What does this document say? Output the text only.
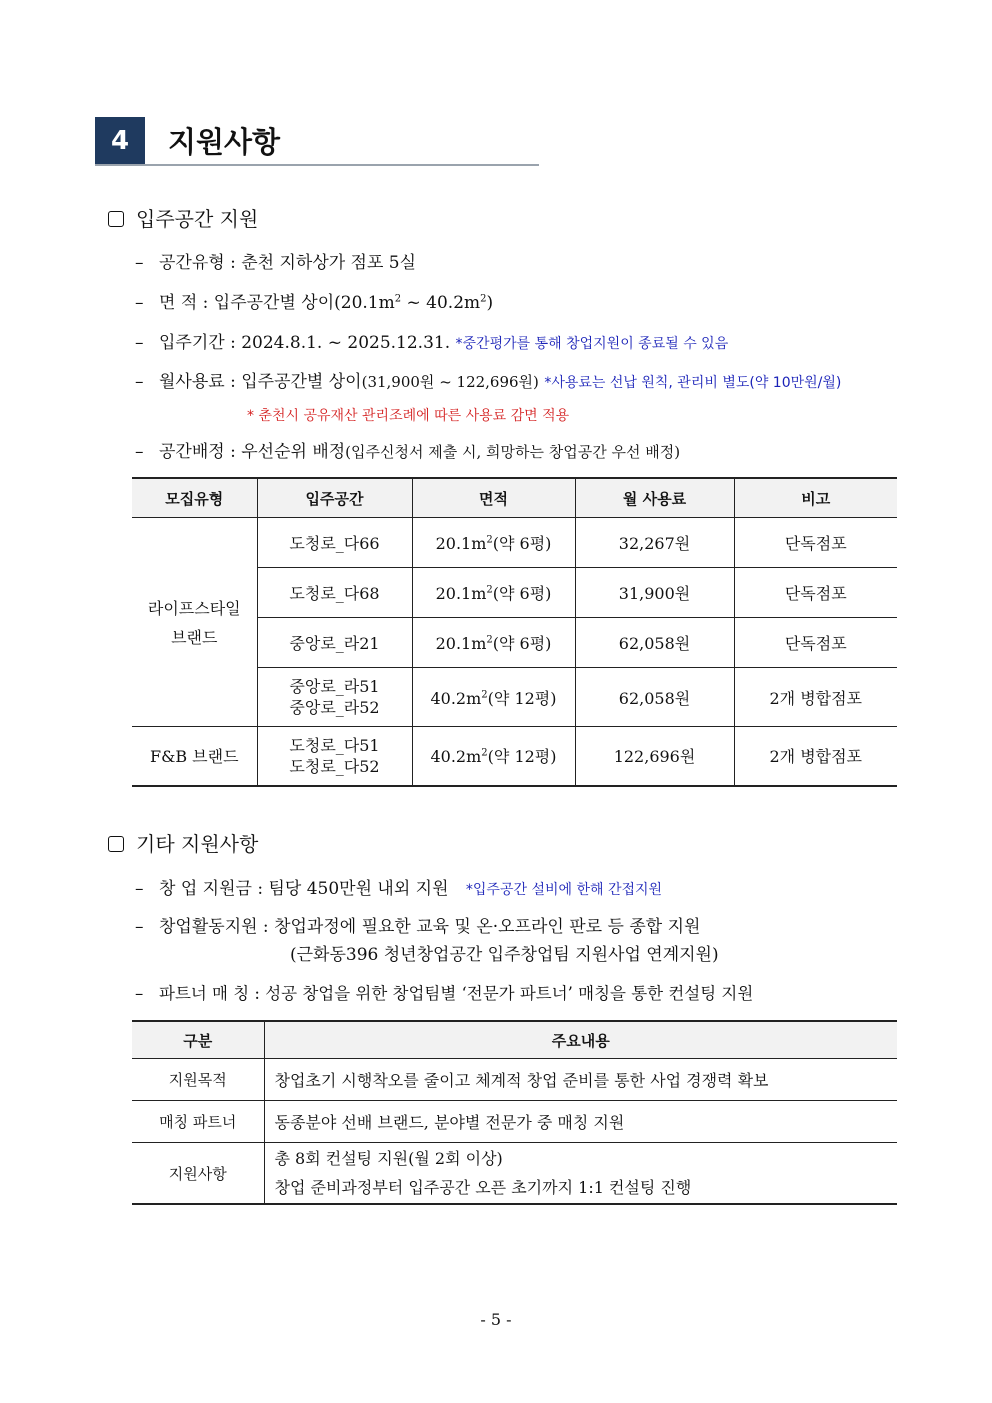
4	지원사항
입주공간 지원
– 공간유형 : 춘천 지하상가 점포 5실
– 면 적 : 입주공간별 상이($20.1m^2$ ~ $40.2m^2$)
– 입주기간 : 2024.8.1. ~ 2025.12.31. *중간평가를 통해 창업지원이 종료될 수 있음
– 월사용료 : 입주공간별 상이(31,900원 ~ 122,696원) *사용료는 선납 원칙, 관리비 별도(약 10만원/월)
* 춘천시 공유재산 관리조례에 따른 사용료 감면 적용
– 공간배정 : 우선순위 배정(입주신청서 제출 시, 희망하는 창업공간 우선 배정)
모집유형	입주공간	면적	월 사용료	비고

라이프스타일
브랜드	도청로_다66	$20.1m^2$(약 6평)	32,267원	단독점포
	도청로_다68	$20.1m^2$(약 6평)	31,900원	단독점포
	중앙로_라21	$20.1m^2$(약 6평)	62,058원	단독점포

	중앙로_라51
중앙로_라52	$40.2m^2$(약 12평)	62,058원	2개 병합점포
F&B 브랜드	도청로_다51
도청로_다52	$40.2m^2$(약 12평)	122,696원	2개 병합점포
기타 지원사항
– 창 업 지원금 : 팀당 450만원 내외 지원 *입주공간 설비에 한해 간접지원
– 창업활동지원 : 창업과정에 필요한 교육 및 온·오프라인 판로 등 종합 지원
(근화동396 청년창업공간 입주창업팀 지원사업 연계지원)
– 파트너 매 칭 : 성공 창업을 위한 창업팀별 ‘전문가 파트너’ 매칭을 통한 컨설팅 지원
구분	주요내용
지원목적	창업초기 시행착오를 줄이고 체계적 창업 준비를 통한 사업 경쟁력 확보
매칭 파트너	동종분야 선배 브랜드, 분야별 전문가 중 매칭 지원
지원사항	총 8회 컨설팅 지원(월 2회 이상)
창업 준비과정부터 입주공간 오픈 초기까지 1:1 컨설팅 진행
- 5 -
